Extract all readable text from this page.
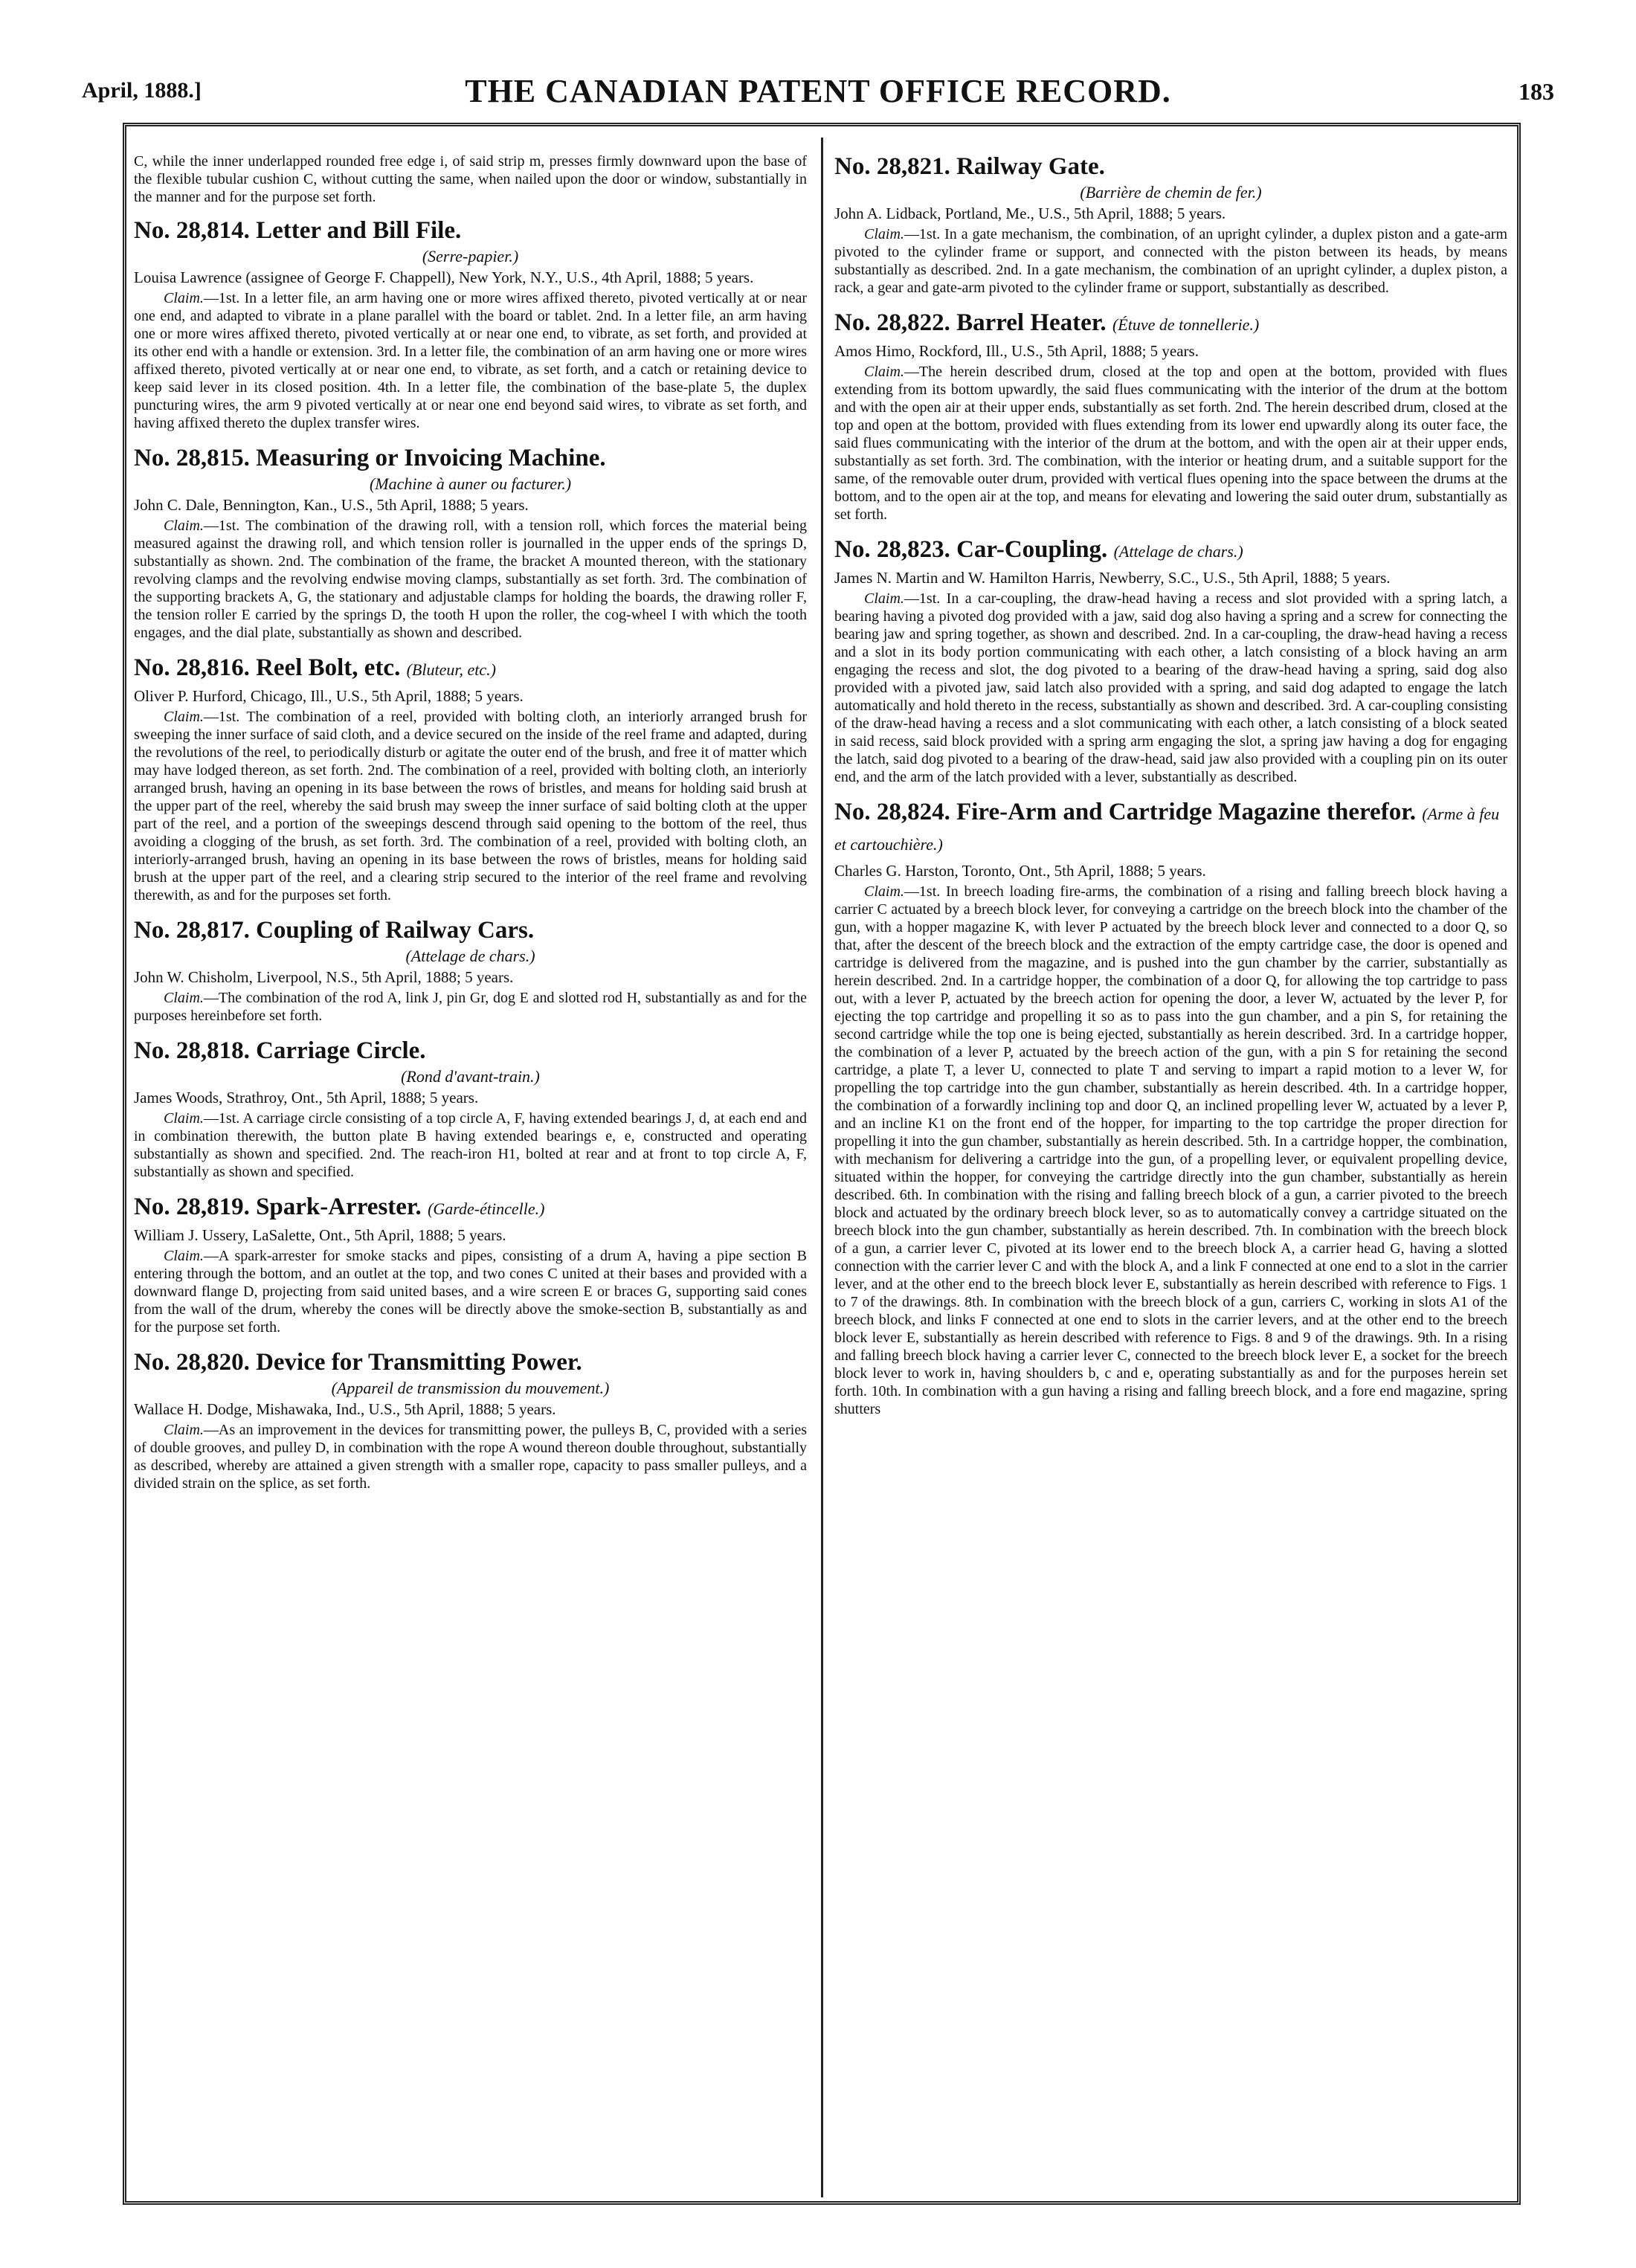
April, 1888.]	THE CANADIAN PATENT OFFICE RECORD.	183

C, while the inner underlapped rounded free edge i, of said strip m, presses firmly downward upon the base of the flexible tubular cushion C, without cutting the same, when nailed upon the door or window, substantially in the manner and for the purpose set forth.

No. 28,814. Letter and Bill File.
(Serre-papier.)
Louisa Lawrence (assignee of George F. Chappell), New York, N.Y., U.S., 4th April, 1888; 5 years.

Claim.—1st. In a letter file, an arm having one or more wires affixed thereto, pivoted vertically at or near one end, and adapted to vibrate in a plane parallel with the board or tablet. 2nd. In a letter file, an arm having one or more wires affixed thereto, pivoted vertically at or near one end, to vibrate, as set forth, and provided at its other end with a handle or extension. 3rd. In a letter file, the combination of an arm having one or more wires affixed thereto, pivoted vertically at or near one end, to vibrate, as set forth, and a catch or retaining device to keep said lever in its closed position. 4th. In a letter file, the combination of the base-plate 5, the duplex puncturing wires, the arm 9 pivoted vertically at or near one end beyond said wires, to vibrate as set forth, and having affixed thereto the duplex transfer wires.

No. 28,815. Measuring or Invoicing Machine.
(Machine à auner ou facturer.)
John C. Dale, Bennington, Kan., U.S., 5th April, 1888; 5 years.

Claim.—1st. The combination of the drawing roll, with a tension roll, which forces the material being measured against the drawing roll, and which tension roller is journalled in the upper ends of the springs D, substantially as shown. 2nd. The combination of the frame, the bracket A mounted thereon, with the stationary revolving clamps and the revolving endwise moving clamps, substantially as set forth. 3rd. The combination of the supporting brackets A, G, the stationary and adjustable clamps for holding the boards, the drawing roller F, the tension roller E carried by the springs D, the tooth H upon the roller, the cog-wheel I with which the tooth engages, and the dial plate, substantially as shown and described.

No. 28,816. Reel Bolt, etc. (Bluteur, etc.)
Oliver P. Hurford, Chicago, Ill., U.S., 5th April, 1888; 5 years.

Claim.—1st. The combination of a reel, provided with bolting cloth, an interiorly arranged brush for sweeping the inner surface of said cloth, and a device secured on the inside of the reel frame and adapted, during the revolutions of the reel, to periodically disturb or agitate the outer end of the brush, and free it of matter which may have lodged thereon, as set forth. 2nd. The combination of a reel, provided with bolting cloth, an interiorly arranged brush, having an opening in its base between the rows of bristles, and means for holding said brush at the upper part of the reel, whereby the said brush may sweep the inner surface of said bolting cloth at the upper part of the reel, and a portion of the sweepings descend through said opening to the bottom of the reel, thus avoiding a clogging of the brush, as set forth. 3rd. The combination of a reel, provided with bolting cloth, an interiorly-arranged brush, having an opening in its base between the rows of bristles, means for holding said brush at the upper part of the reel, and a clearing strip secured to the interior of the reel frame and revolving therewith, as and for the purposes set forth.

No. 28,817. Coupling of Railway Cars.
(Attelage de chars.)
John W. Chisholm, Liverpool, N.S., 5th April, 1888; 5 years.

Claim.—The combination of the rod A, link J, pin Gr, dog E and slotted rod H, substantially as and for the purposes hereinbefore set forth.

No. 28,818. Carriage Circle.
(Rond d'avant-train.)
James Woods, Strathroy, Ont., 5th April, 1888; 5 years.

Claim.—1st. A carriage circle consisting of a top circle A, F, having extended bearings J, d, at each end and in combination therewith, the button plate B having extended bearings e, e, constructed and operating substantially as shown and specified. 2nd. The reach-iron H1, bolted at rear and at front to top circle A, F, substantially as shown and specified.

No. 28,819. Spark-Arrester. (Garde-étincelle.)
William J. Ussery, LaSalette, Ont., 5th April, 1888; 5 years.

Claim.—A spark-arrester for smoke stacks and pipes, consisting of a drum A, having a pipe section B entering through the bottom, and an outlet at the top, and two cones C united at their bases and provided with a downward flange D, projecting from said united bases, and a wire screen E or braces G, supporting said cones from the wall of the drum, whereby the cones will be directly above the smoke-section B, substantially as and for the purpose set forth.

No. 28,820. Device for Transmitting Power.
(Appareil de transmission du mouvement.)
Wallace H. Dodge, Mishawaka, Ind., U.S., 5th April, 1888; 5 years.

Claim.—As an improvement in the devices for transmitting power, the pulleys B, C, provided with a series of double grooves, and pulley D, in combination with the rope A wound thereon double throughout, substantially as described, whereby are attained a given strength with a smaller rope, capacity to pass smaller pulleys, and a divided strain on the splice, as set forth.

No. 28,821. Railway Gate.
(Barrière de chemin de fer.)
John A. Lidback, Portland, Me., U.S., 5th April, 1888; 5 years.

Claim.—1st. In a gate mechanism, the combination, of an upright cylinder, a duplex piston and a gate-arm pivoted to the cylinder frame or support, and connected with the piston between its heads, by means substantially as described. 2nd. In a gate mechanism, the combination of an upright cylinder, a duplex piston, a rack, a gear and gate-arm pivoted to the cylinder frame or support, substantially as described.

No. 28,822. Barrel Heater. (Étuve de tonnellerie.)
Amos Himo, Rockford, Ill., U.S., 5th April, 1888; 5 years.

Claim.—The herein described drum, closed at the top and open at the bottom, provided with flues extending from its bottom upwardly, the said flues communicating with the interior of the drum at the bottom and with the open air at their upper ends, substantially as set forth. 2nd. The herein described drum, closed at the top and open at the bottom, provided with flues extending from its lower end upwardly along its outer face, the said flues communicating with the interior of the drum at the bottom, and with the open air at their upper ends, substantially as set forth. 3rd. The combination, with the interior or heating drum, and a suitable support for the same, of the removable outer drum, provided with vertical flues opening into the space between the drums at the bottom, and to the open air at the top, and means for elevating and lowering the said outer drum, substantially as set forth.

No. 28,823. Car-Coupling. (Attelage de chars.)
James N. Martin and W. Hamilton Harris, Newberry, S.C., U.S., 5th April, 1888; 5 years.

Claim.—1st. In a car-coupling, the draw-head having a recess and slot provided with a spring latch, a bearing having a pivoted dog provided with a jaw, said dog also having a spring and a screw for connecting the bearing jaw and spring together, as shown and described. 2nd. In a car-coupling, the draw-head having a recess and a slot in its body portion communicating with each other, a latch consisting of a block having an arm engaging the recess and slot, the dog pivoted to a bearing of the draw-head having a spring, said dog also provided with a pivoted jaw, said latch also provided with a spring, and said dog adapted to engage the latch automatically and hold thereto in the recess, substantially as shown and described. 3rd. A car-coupling consisting of the draw-head having a recess and a slot communicating with each other, a latch consisting of a block seated in said recess, said block provided with a spring arm engaging the slot, a spring jaw having a dog for engaging the latch, said dog pivoted to a bearing of the draw-head, said jaw also provided with a coupling pin on its outer end, and the arm of the latch provided with a lever, substantially as described.

No. 28,824. Fire-Arm and Cartridge Magazine therefor. (Arme à feu et cartouchière.)
Charles G. Harston, Toronto, Ont., 5th April, 1888; 5 years.

Claim.—1st. In breech loading fire-arms, the combination of a rising and falling breech block having a carrier C actuated by a breech block lever, for conveying a cartridge on the breech block into the chamber of the gun, with a hopper magazine K, with lever P actuated by the breech block lever and connected to a door Q, so that, after the descent of the breech block and the extraction of the empty cartridge case, the door is opened and cartridge is delivered from the magazine, and is pushed into the gun chamber by the carrier, substantially as herein described. 2nd. In a cartridge hopper, the combination of a door Q, for allowing the top cartridge to pass out, with a lever P, actuated by the breech action for opening the door, a lever W, actuated by the lever P, for ejecting the top cartridge and propelling it so as to pass into the gun chamber, and a pin S, for retaining the second cartridge while the top one is being ejected, substantially as herein described. 3rd. In a cartridge hopper, the combination of a lever P, actuated by the breech action of the gun, with a pin S for retaining the second cartridge, a plate T, a lever U, connected to plate T and serving to impart a rapid motion to a lever W, for propelling the top cartridge into the gun chamber, substantially as herein described. 4th. In a cartridge hopper, the combination of a forwardly inclining top and door Q, an inclined propelling lever W, actuated by a lever P, and an incline K1 on the front end of the hopper, for imparting to the top cartridge the proper direction for propelling it into the gun chamber, substantially as herein described. 5th. In a cartridge hopper, the combination, with mechanism for delivering a cartridge into the gun, of a propelling lever, or equivalent propelling device, situated within the hopper, for conveying the cartridge directly into the gun chamber, substantially as herein described. 6th. In combination with the rising and falling breech block of a gun, a carrier pivoted to the breech block and actuated by the ordinary breech block lever, so as to automatically convey a cartridge situated on the breech block into the gun chamber, substantially as herein described. 7th. In combination with the breech block of a gun, a carrier lever C, pivoted at its lower end to the breech block A, a carrier head G, having a slotted connection with the carrier lever C and with the block A, and a link F connected at one end to a slot in the carrier lever, and at the other end to the breech block lever E, substantially as herein described with reference to Figs. 1 to 7 of the drawings. 8th. In combination with the breech block of a gun, carriers C, working in slots A1 of the breech block, and links F connected at one end to slots in the carrier levers, and at the other end to the breech block lever E, substantially as herein described with reference to Figs. 8 and 9 of the drawings. 9th. In a rising and falling breech block having a carrier lever C, connected to the breech block lever E, a socket for the breech block lever to work in, having shoulders b, c and e, operating substantially as and for the purposes herein set forth. 10th. In combination with a gun having a rising and falling breech block, and a fore end magazine, spring shutters
